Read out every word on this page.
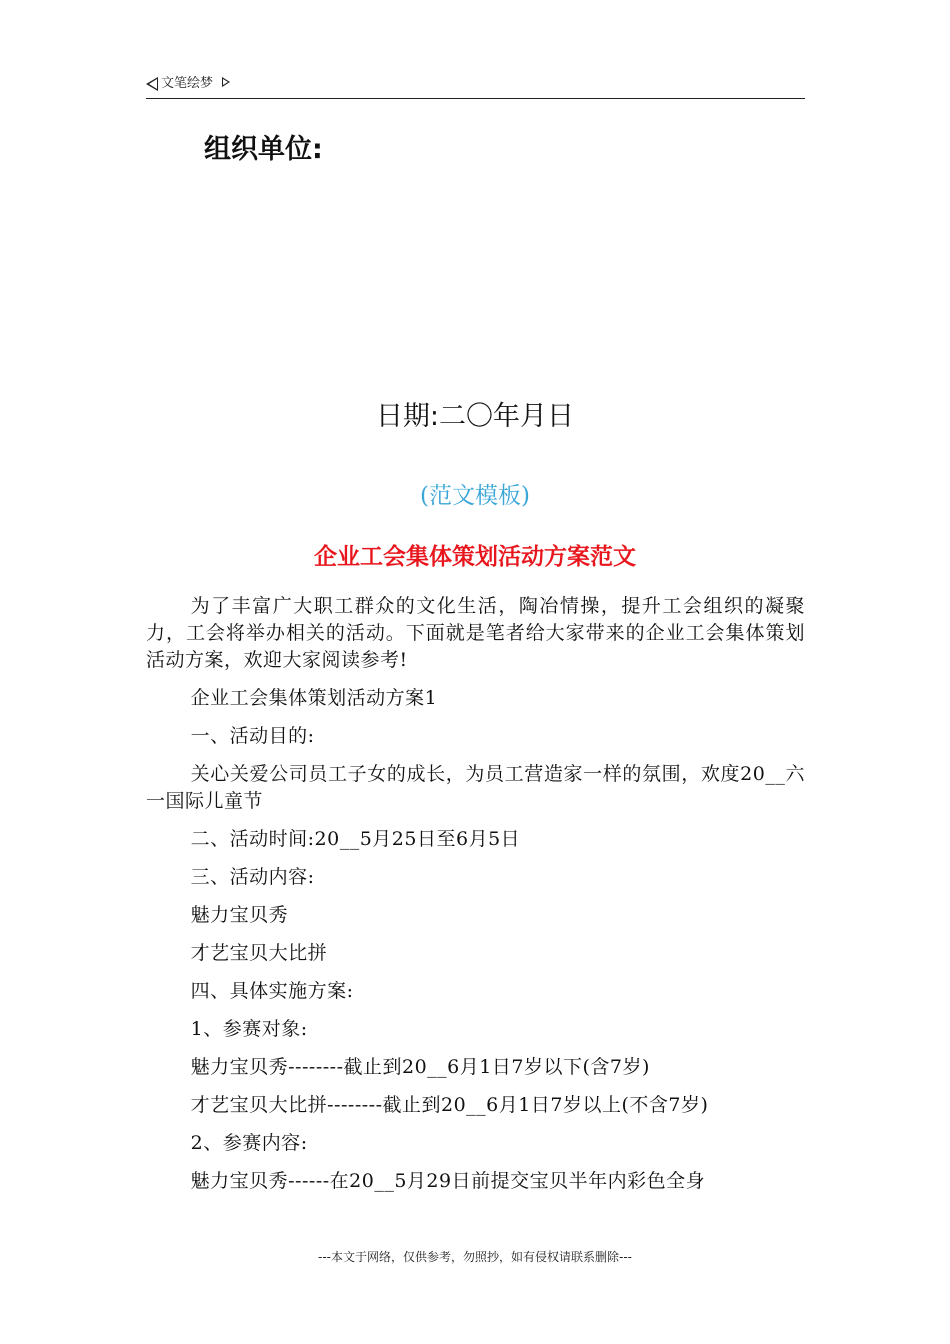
文笔绘梦
组织单位:
日期:二〇年月日
(范文模板)
企业工会集体策划活动方案范文

为了丰富广大职工群众的文化生活，陶冶情操，提升工会组织的凝聚力，工会将举办相关的活动。下面就是笔者给大家带来的企业工会集体策划活动方案，欢迎大家阅读参考!

企业工会集体策划活动方案1

一、活动目的:

关心关爱公司员工子女的成长，为员工营造家一样的氛围，欢度20__六一国际儿童节

二、活动时间:20__5月25日至6月5日

三、活动内容:

魅力宝贝秀

才艺宝贝大比拼

四、具体实施方案:

1、参赛对象:

魅力宝贝秀--------截止到20__6月1日7岁以下(含7岁)

才艺宝贝大比拼--------截止到20__6月1日7岁以上(不含7岁)

2、参赛内容:

魅力宝贝秀------在20__5月29日前提交宝贝半年内彩色全身

---本文于网络，仅供参考，勿照抄，如有侵权请联系删除---
